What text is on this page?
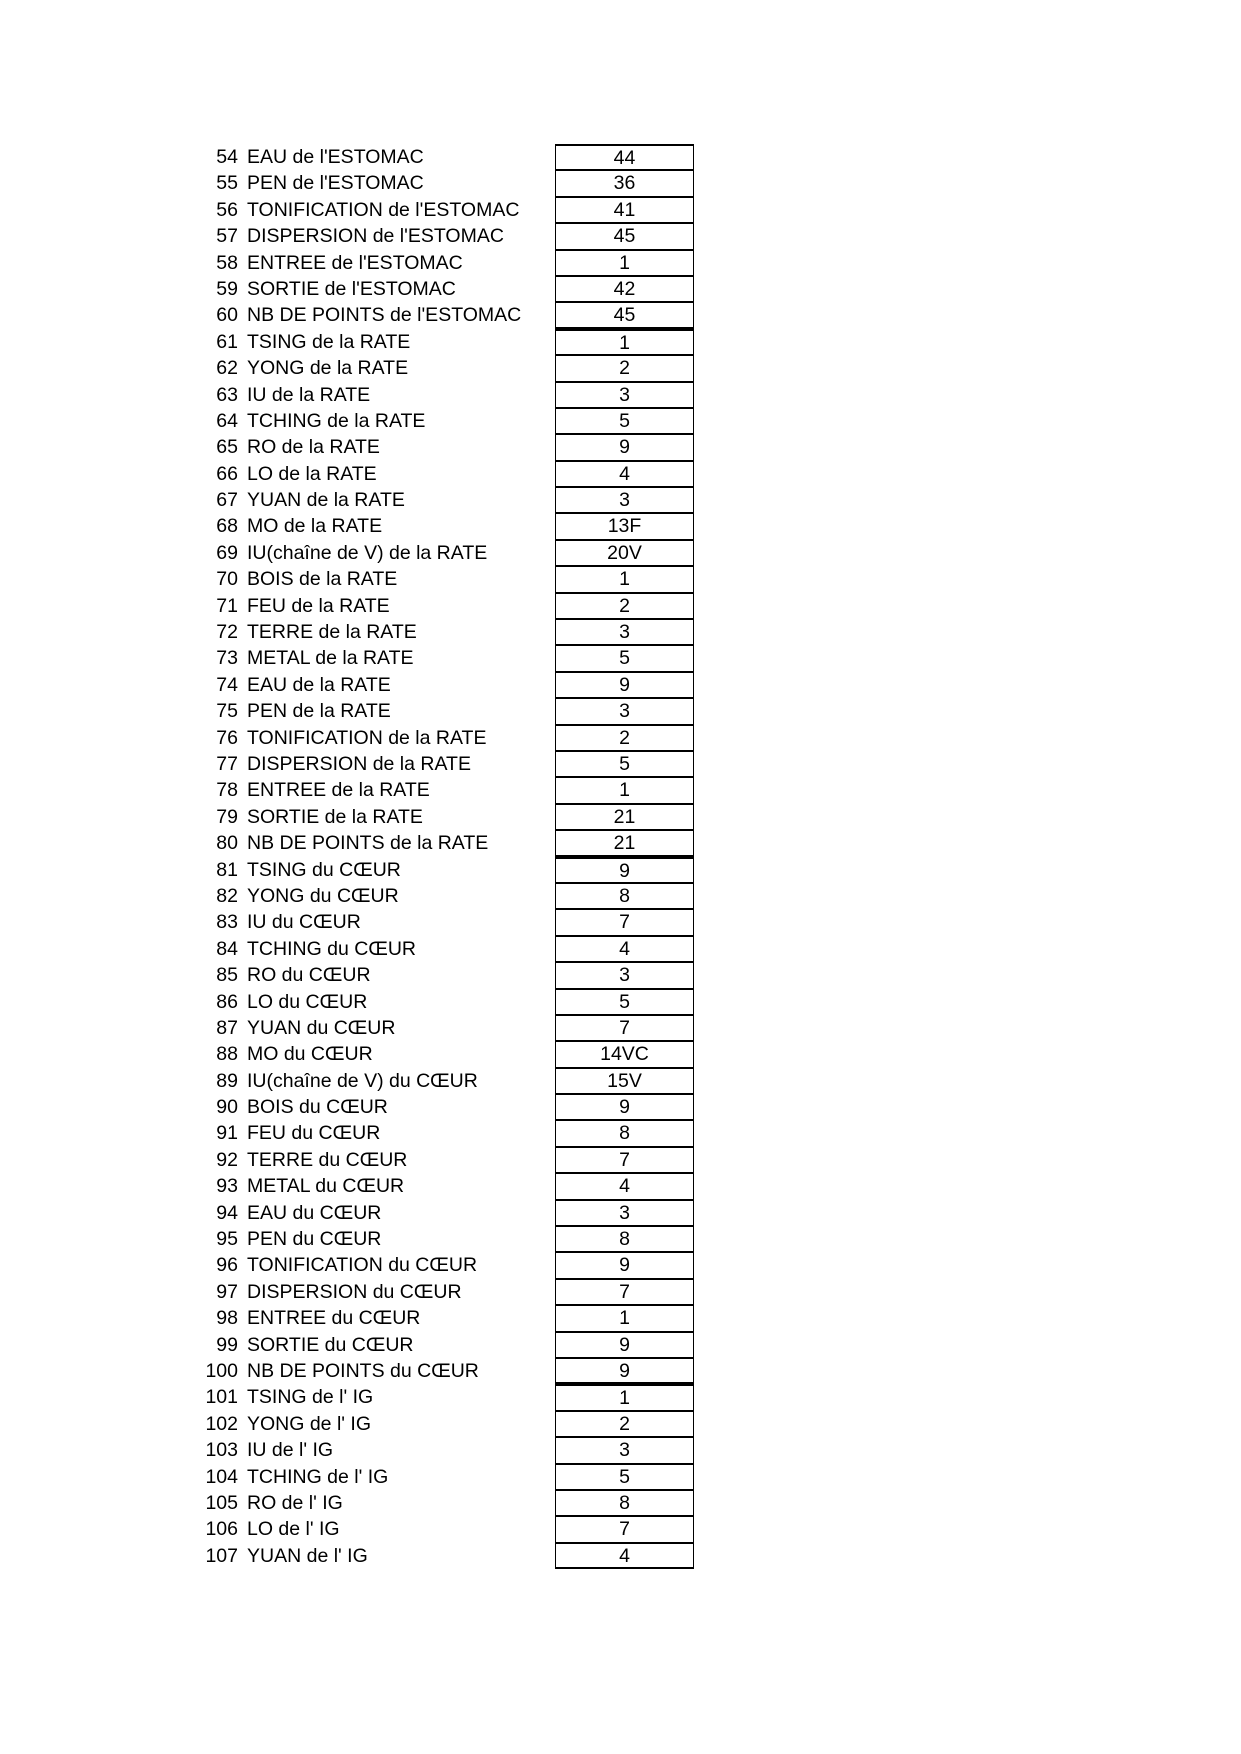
54 EAU de l'ESTOMAC	44
55 PEN de l'ESTOMAC	36
56 TONIFICATION de l'ESTOMAC	41
57 DISPERSION de l'ESTOMAC	45
58 ENTREE de l'ESTOMAC	1
59 SORTIE de l'ESTOMAC	42
60 NB DE POINTS de l'ESTOMAC	45
61 TSING de la RATE	1
62 YONG de la RATE	2
63 IU de la RATE	3
64 TCHING de la RATE	5
65 RO de la RATE	9
66 LO de la RATE	4
67 YUAN de la RATE	3
68 MO de la RATE	13F
69 IU(chaîne de V) de la RATE	20V
70 BOIS de la RATE	1
71 FEU de la RATE	2
72 TERRE de la RATE	3
73 METAL de la RATE	5
74 EAU de la RATE	9
75 PEN de la RATE	3
76 TONIFICATION de la RATE	2
77 DISPERSION de la RATE	5
78 ENTREE de la RATE	1
79 SORTIE de la RATE	21
80 NB DE POINTS de la RATE	21
81 TSING du CŒUR	9
82 YONG du CŒUR	8
83 IU du CŒUR	7
84 TCHING du CŒUR	4
85 RO du CŒUR	3
86 LO du CŒUR	5
87 YUAN du CŒUR	7
88 MO du CŒUR	14VC
89 IU(chaîne de V) du CŒUR	15V
90 BOIS du CŒUR	9
91 FEU du CŒUR	8
92 TERRE du CŒUR	7
93 METAL du CŒUR	4
94 EAU du CŒUR	3
95 PEN du CŒUR	8
96 TONIFICATION du CŒUR	9
97 DISPERSION du CŒUR	7
98 ENTREE du CŒUR	1
99 SORTIE du CŒUR	9
100 NB DE POINTS du CŒUR	9
101 TSING de l' IG	1
102 YONG de l' IG	2
103 IU de l' IG	3
104 TCHING de l' IG	5
105 RO de l' IG	8
106 LO de l' IG	7
107 YUAN de l' IG	4
